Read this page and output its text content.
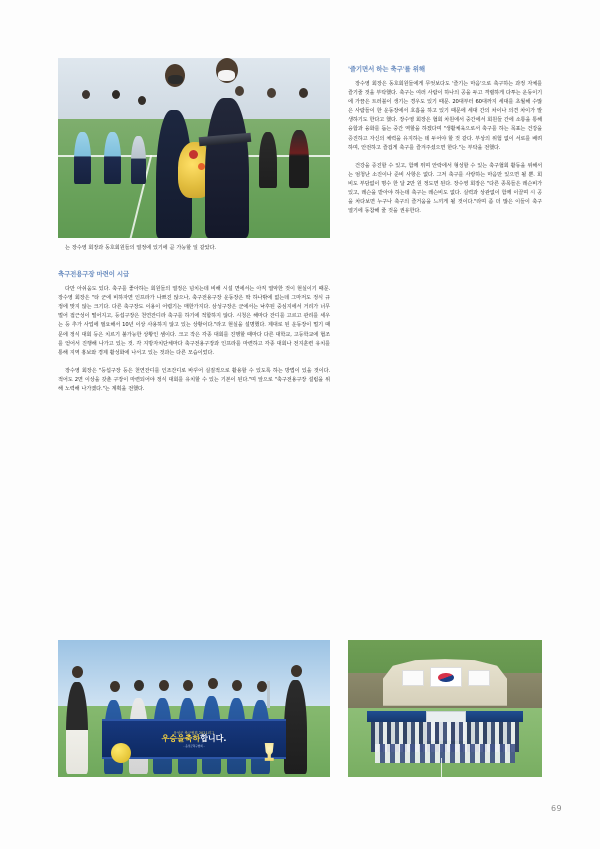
는 장수영 회장과 동호회원들의 열정에 있기에 곧 가능할 일 같았다.

축구전용구장 마련이 시급

다만 아쉬움도 있다. 축구를 좋아하는 회원들의 열정은 넘치는데 비해 시설 면에서는 아직 열악한 것이 현실이기 때문. 장수영 회장은 "타 군에 비하자면 인프라가 나쁘진 않으나, 축구전용구장 운동장은 딱 하나밖에 없는데 그마저도 정식 규정에 맞지 않는 크기다. 다른 축구장도 이용이 어렵기는 매한가지다. 삼성구장은 군에서는 낙후된 중심지에서 거리가 너무 멀어 접근성이 떨어지고, 등섭구장은 천연잔디라 축구를 하기에 적합하지 않다. 시청은 해마다 잔디를 고르고 관리를 세우는 등 추가 사업에 필요해서 10년 이상 사용하지 않고 있는 상황이다."라고 현실을 설명했다. 제대로 된 운동장이 멀기 때문에 정식 대회 등은 치르기 불가능한 상황인 셈이다. 크고 작은 각종 대회를 진행할 때마다 다른 대학교, 고등학교에 협조를 얻어서 진행해 나가고 있는 것. 각 지방자치단체마다 축구전용구장과 인프라를 마련하고 각종 대회나 전지훈련 유치를 통해 지역 홍보와 경제 활성화에 나서고 있는 것과는 다른 모습이었다.

장수영 회장은 "등섭구장 등은 천연잔디를 인조잔디로 바꾸어 실질적으로 활용할 수 있도록 하는 방법이 있을 것이다. 적어도 2면 이상을 갖춘 구장이 마련되어야 정식 대회를 유치할 수 있는 기본이 된다."며 앞으로 "축구전용구장 설립을 위해 노력해 나가겠다."는 계획을 전했다.

'즐기면서 하는 축구'를 위해

장수영 회장은 동호회원들에게 무엇보다도 '즐기는 마음'으로 축구하는 과정 자체를 즐기줄 것을 부탁했다. 축구는 여러 사람이 하나의 공을 두고 격렬하게 다투는 운동이기에 가끔은 트러블이 생기는 경우도 있기 때문. 20대부터 60대까지 세대를 초월해 수많은 사람들이 한 운동장에서 호흡을 하고 있기 때문에 세대 간의 차이나 의견 차이가 발생하기도 한다고 했다. 장수영 회장은 협회 차원에서 중간에서 회원들 간에 소통을 통해 융합과 융화를 돕는 중간 역할을 하겠다며 "생활체육으로서 축구를 하는 목표는 건강을 증진하고 자신의 체력을 유지하는 데 두어야 할 것 같다. 부상의 위험 없이 서로를 배려하며, 안전하고 즐겁게 축구를 즐겨주셨으면 한다."는 부탁을 전했다.

건강을 증진할 수 있고, 함께 뛰며 안락에서 형성할 수 있는 축구협회 활동을 위해서는 엄청난 소진이나 준비 사항은 없다. 그저 축구를 사랑하는 마음만 있으면 될 뿐. 회비도 부담없이 명수 한 달 2만 원 정도면 된다. 장수영 회장은 "다른 종목들은 레슨비가 있고, 레슨을 받아야 하는데 축구는 레슨비도 없다. 실력과 상관없이 함께 이끌며 시 공을 차다보면 누구나 축구의 즐거움을 느끼게 될 것이다."라며 좀 더 많은 이들이 축구 열기에 동참해 줄 것을 권유한다.

음성군 축구협회 2021리그
우승을축하합니다.
- 음성군축구협회 -
69
